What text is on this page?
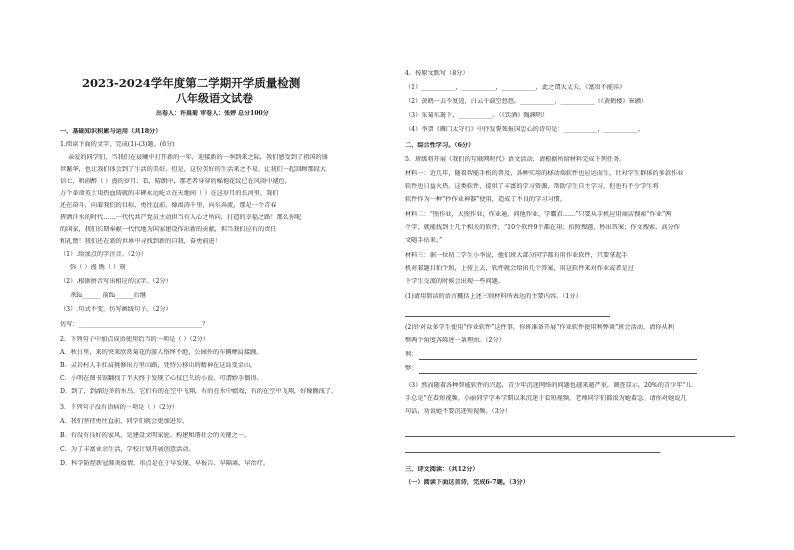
2023-2024学年度第二学期开学质量检测
八年级语文试卷
出卷人：许晨菊 审卷人：张婷 总分100分
一、基础知识积累与运用（共18分）
1.阅读下面的文字，完成(1)-(3)题。(6分)
亲爱的同学们，当我们在晨曦中打开新的一年，迎接新的一季到来之际，我们感受到了祖国的盛
世繁华，也让我们体会到了生活的美好。但是，这份美好的生活来之不易，让我们一起回顾那段大
信七，哄闹醉（ ）漫的岁月；看，晴朗中，那老者身穿的棉袍花纹已在风雨中褪色，
万个革命英士用热血铸就的丰碑永远屹立在天地间（ ）在这岁月的长河里，我们
还在奋斗，向着我们的目标，勇往直前，像洪涛千里，向东奔流，那是一个青春
挥洒汗水的时代……一代代共产党员主动担当有人心之所向，打造的幸福之路！那么你呢
的国家，我们长期奉献一代代地为国家建设作出新的贡献，担当我们应有的责任
和礼赞！我们还在新的世界中寻找到新的自我，奋勇前进！
（1）.给加点的字注音。（2分）
弥（ ）漫 镌（ ）刻
（2）.根据拼音写出相应的汉字。（2分）
杀lù______ 前fù______后继
（3）.句式不变，仿写画线句子。（2分）
仿写：________________________________________？
2．下列句子中加点成语使用恰当的一项是（ ）（2分）
A．秋日里，来的突来欣赏菊花的游人络绎不绝，公园外的车辆摩肩接踵。
B．灵岩村人手扛肩挑修出万里山路，凭恃公移山的精神在这岛变金山。
C．小明在图书馆翻找了半天终于发现了心仪已久的小说，可谓妙手偶得。
D．到了，到湖边冬的水鸟，它们有的在空中飞翔，有的在水中嬉戏，有的在空中飞翔，好像搁浅了。
3．下列句子没有语病的一项是（ ）（2分）
A．我们坚持勇往直前，同学们就会更加进步。
B．有没有良好的家风，是建设文明家庭、构建和谐社会的关键之一。
C．为了丰富业余生活，学校计划开展创意活动。
D．科学防控新冠肺炎疫情，重点是在于早发现、早报告、早隔离、早治疗。
4．按原文默写（8分）
（1）___________，___________，___________，此之谓大丈夫。《富贵不能淫》
（2）黄鹤一去不复返，白云千载空悠悠。___________，___________（《黄鹤楼》崔颢）
（3）采菊东篱下，___________。（《饮酒》陶渊明）
（4）李贺《雁门太守行》中抒发誓死报国忠心的诗句是：___________，___________。
二、综合性学习。（6分）
5．班级将开展《我们的互联网时代》语文活动，请根据所给材料完成下列任务。
材料一：近几年，随着智能手机的普及，各种实用的移动端软件也应运而生，针对学生群体的多款作业
软件也日益火热。这类软件，提供了丰富的学习资源，帮助学生自主学习，但也有不少学生将
软件作为一种“抄作业神器”使用，造成了不良的学习习惯。
材料二：“照作业，大照作业，作业通、问他作业，学霸君……”只要从手机应用商店搜索“作业”两
个字，就能找到十几个相关的软件，“10个软件9个都在用：拍照搜题，秒出答案；作文搜索，高分作
文随手拈来。”
材料三：据一位初二学生小李说，他们班大部分同学都有用作业软件，只要拿起手
机对着题目拍个照，上传上去，软件就会给出几个答案，用这软件来对作业或者是过
下学生交流的时候会出现一些问题。
(1)请用简洁的语言概括上述三则材料所表达的主要内容。（1分）
(2)针对众多学生使用“作业软件”这件事，你班准备开展“作业软件使用利弊谈”班会活动，请你从利
弊两个角度各陈述一条理由。（2分）
利：
弊：
（3）然而随着各种智能软件的兴起，青少年沉迷网络的问题也越来越严重，调查显示，20%的青少年“儿
手总是”在看短视频。小丽同学学本学期以来沉迷于看短视频，老师同学们都很为她着急。请你对她说几
句话，劝说她不要沉迷短视频。（3分）
三、诗文阅读：（共12分）
（一）阅读下面这首诗，完成6-7题。（3分）
